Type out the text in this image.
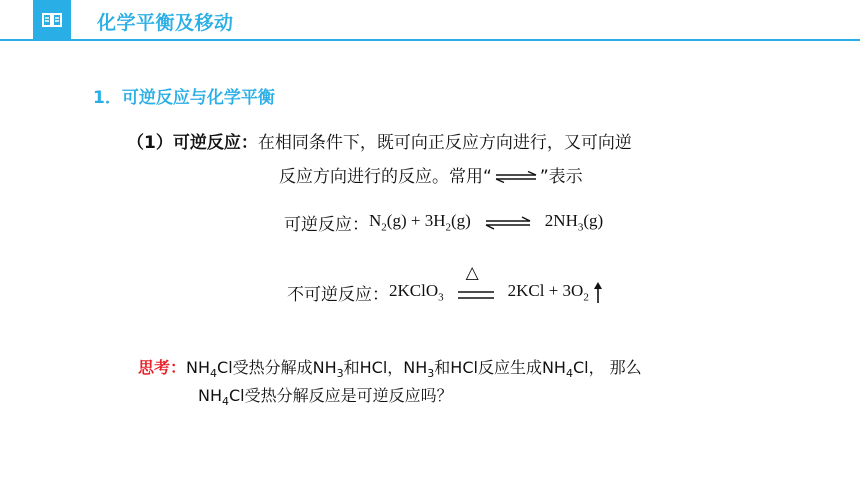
化学平衡及移动
1．可逆反应与化学平衡
（1）可逆反应：在相同条件下，既可向正反应方向进行，又可向逆
反应方向进行的反应。常用“ ⇌ ”表示
可逆反应： $N_2(g) + 3H_2(g)$ ⇌ $2NH_3(g)$
不可逆反应： 2KClO$_3$
△
$2KCl + 3O_2$
思考：$NH_4Cl$受热分解成$NH_3$和HCl，$NH_3$和HCl反应生成$NH_4Cl$， 那么
$NH_4Cl$受热分解反应是可逆反应吗？
